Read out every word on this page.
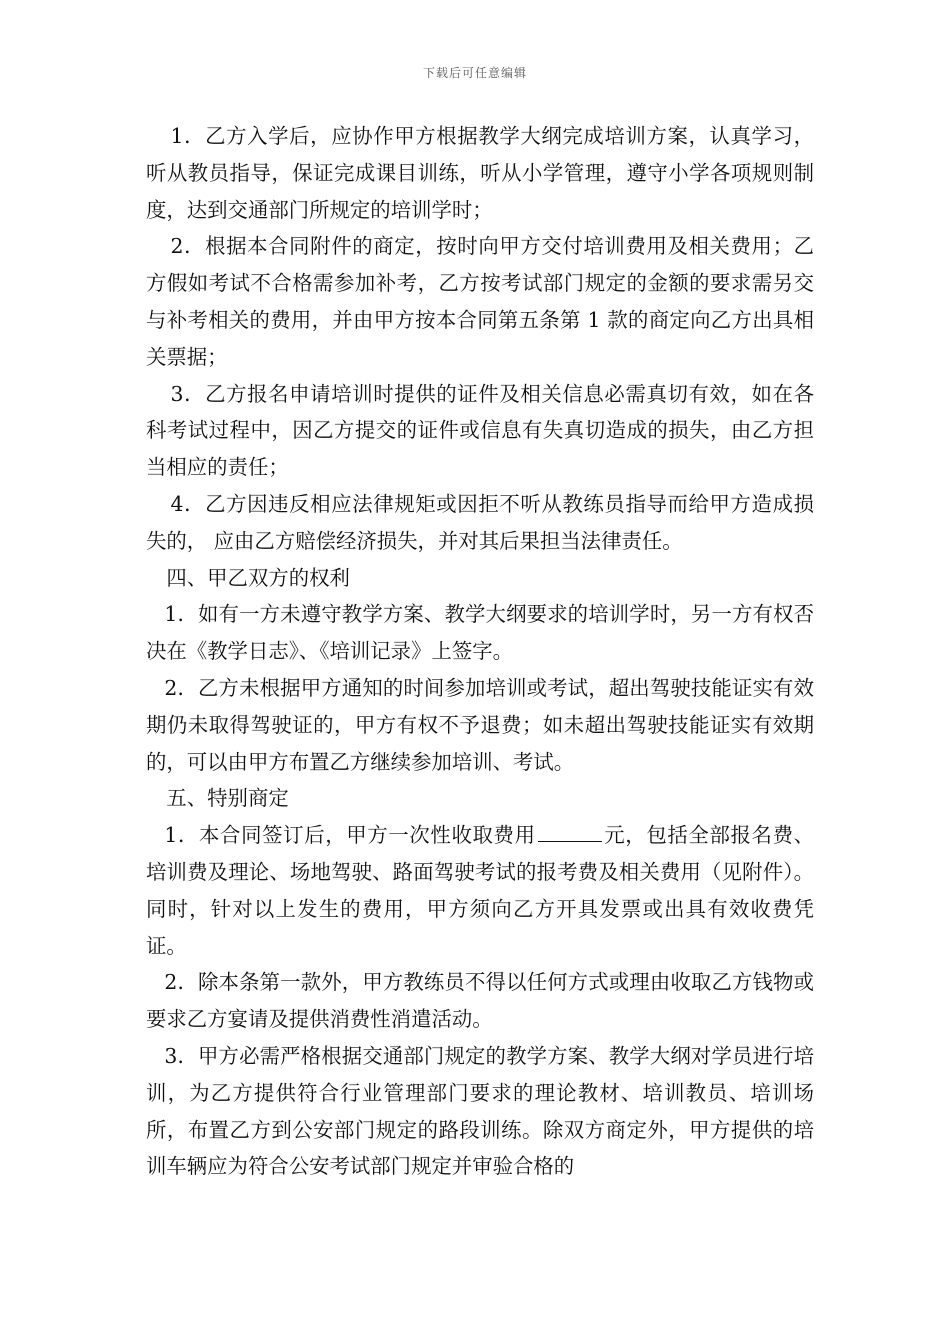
下载后可任意编辑

1．乙方入学后，应协作甲方根据教学大纲完成培训方案，认真学习，听从教员指导，保证完成课目训练，听从小学管理，遵守小学各项规则制度，达到交通部门所规定的培训学时；

2．根据本合同附件的商定，按时向甲方交付培训费用及相关费用；乙方假如考试不合格需参加补考，乙方按考试部门规定的金额的要求需另交与补考相关的费用，并由甲方按本合同第五条第 1 款的商定向乙方出具相关票据；

3．乙方报名申请培训时提供的证件及相关信息必需真切有效，如在各科考试过程中，因乙方提交的证件或信息有失真切造成的损失，由乙方担当相应的责任；

4．乙方因违反相应法律规矩或因拒不听从教练员指导而给甲方造成损失的， 应由乙方赔偿经济损失，并对其后果担当法律责任。

四、甲乙双方的权利

1．如有一方未遵守教学方案、教学大纲要求的培训学时，另一方有权否决在《教学日志》、《培训记录》上签字。

2．乙方未根据甲方通知的时间参加培训或考试，超出驾驶技能证实有效期仍未取得驾驶证的，甲方有权不予退费；如未超出驾驶技能证实有效期的，可以由甲方布置乙方继续参加培训、考试。

五、特别商定

1．本合同签订后，甲方一次性收取费用	元，包括全部报名费、培训费及理论、场地驾驶、路面驾驶考试的报考费及相关费用（见附件）。同时，针对以上发生的费用，甲方须向乙方开具发票或出具有效收费凭证。

2．除本条第一款外，甲方教练员不得以任何方式或理由收取乙方钱物或要求乙方宴请及提供消费性消遣活动。

3．甲方必需严格根据交通部门规定的教学方案、教学大纲对学员进行培训，为乙方提供符合行业管理部门要求的理论教材、培训教员、培训场所，布置乙方到公安部门规定的路段训练。除双方商定外，甲方提供的培训车辆应为符合公安考试部门规定并审验合格的
